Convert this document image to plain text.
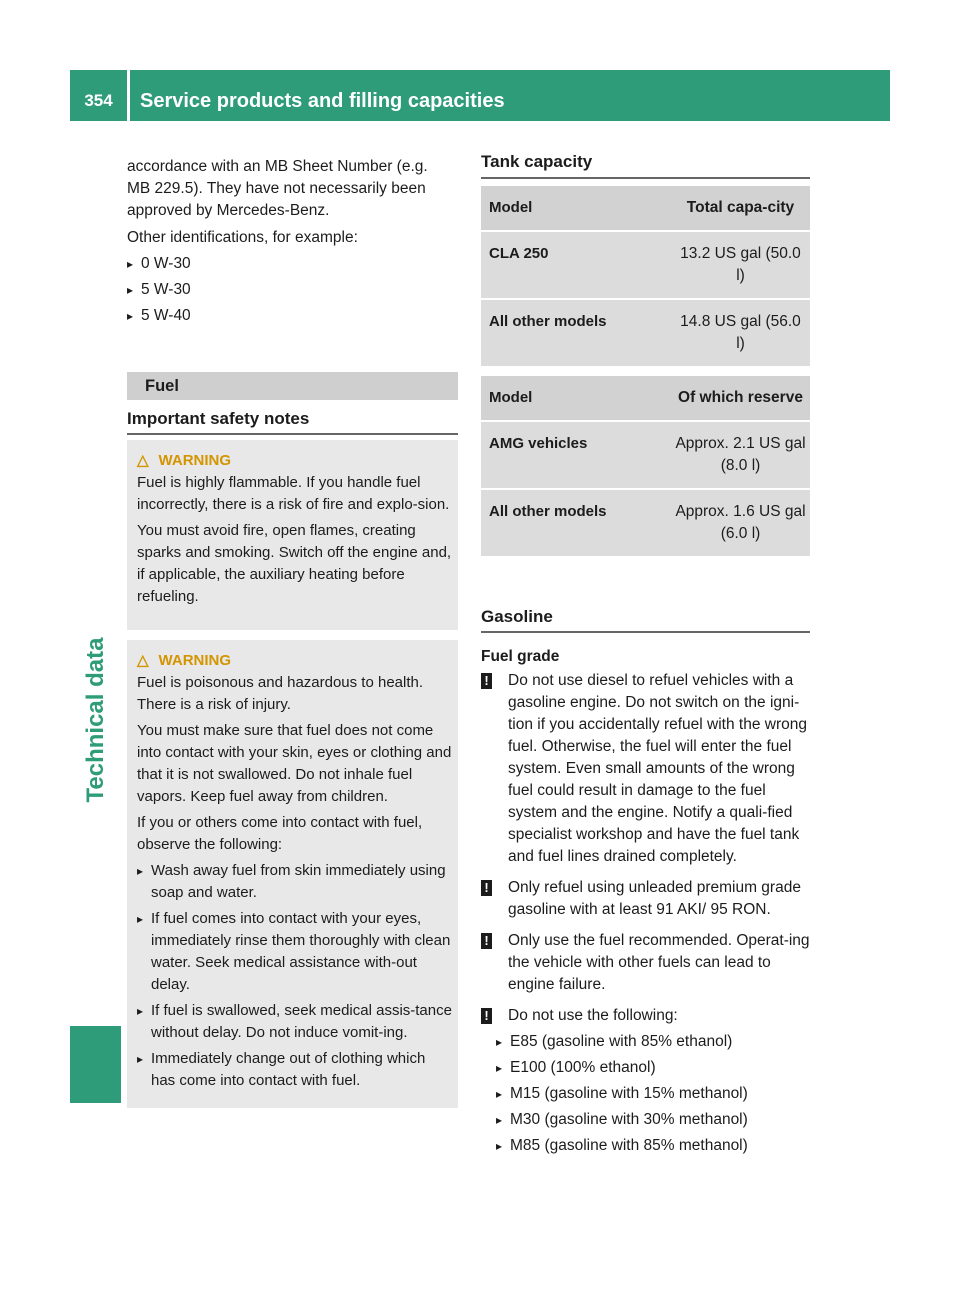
354	Service products and filling capacities
Technical data
accordance with an MB Sheet Number (e.g.
MB 229.5). They have not necessarily been
approved by Mercedes-Benz.
Other identifications, for example:
▸ 0 W-30
▸ 5 W-30
▸ 5 W-40
Fuel
Important safety notes
△ WARNING

Fuel is highly flammable. If you handle fuel incorrectly, there is a risk of fire and explo-sion.

You must avoid fire, open flames, creating sparks and smoking. Switch off the engine and, if applicable, the auxiliary heating before refueling.

△ WARNING

Fuel is poisonous and hazardous to health. There is a risk of injury.

You must make sure that fuel does not come into contact with your skin, eyes or clothing and that it is not swallowed. Do not inhale fuel vapors. Keep fuel away from children.

If you or others come into contact with fuel, observe the following:

▸ Wash away fuel from skin immediately using soap and water.
▸ If fuel comes into contact with your eyes, immediately rinse them thoroughly with clean water. Seek medical assistance with-out delay.
▸ If fuel is swallowed, seek medical assis-tance without delay. Do not induce vomit-ing.
▸ Immediately change out of clothing which has come into contact with fuel.
Tank capacity
Model	Total capa-city
CLA 250	13.2 US gal (50.0 l)
All other models	14.8 US gal (56.0 l)
Model	Of which reserve
AMG vehicles	Approx. 2.1 US gal (8.0 l)
All other models	Approx. 1.6 US gal (6.0 l)
Gasoline
Fuel grade
!	Do not use diesel to refuel vehicles with a gasoline engine. Do not switch on the igni-tion if you accidentally refuel with the wrong fuel. Otherwise, the fuel will enter the fuel system. Even small amounts of the wrong fuel could result in damage to the fuel system and the engine. Notify a quali-fied specialist workshop and have the fuel tank and fuel lines drained completely.
!	Only refuel using unleaded premium grade gasoline with at least 91 AKI/ 95 RON.
!	Only use the fuel recommended. Operat-ing the vehicle with other fuels can lead to engine failure.
!	Do not use the following:
▸ E85 (gasoline with 85% ethanol)
▸ E100 (100% ethanol)
▸ M15 (gasoline with 15% methanol)
▸ M30 (gasoline with 30% methanol)
▸ M85 (gasoline with 85% methanol)
